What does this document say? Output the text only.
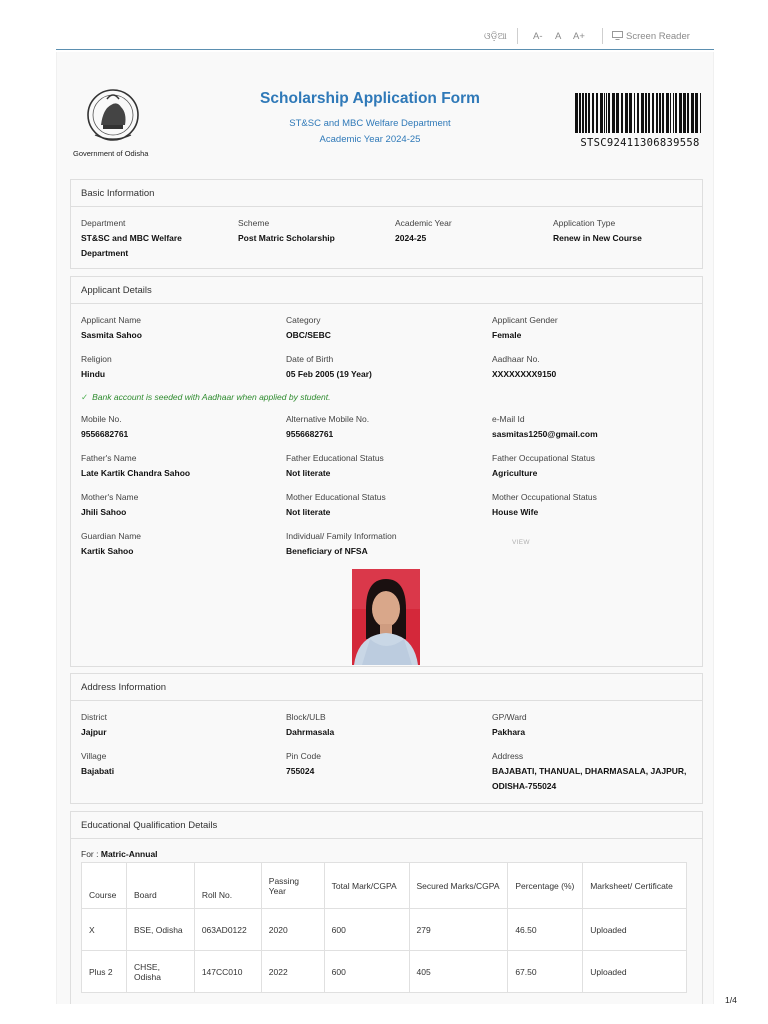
ଓଡ଼ିଆ	A- A A+	Screen Reader
Government of Odisha
Scholarship Application Form
ST&SC and MBC Welfare Department
Academic Year 2024-25	STSC92411306839558
Basic Information
Department
ST&SC and MBC Welfare Department
Scheme
Post Matric Scholarship
Academic Year
2024-25
Application Type
Renew in New Course
Applicant Details
Applicant Name
Sasmita Sahoo
Category
OBC/SEBC
Applicant Gender
Female
Religion
Hindu
Date of Birth
05 Feb 2005 (19 Year)
Aadhaar No.
XXXXXXXX9150
✓ Bank account is seeded with Aadhaar when applied by student.
Mobile No.
9556682761
Alternative Mobile No.
9556682761
e-Mail Id
sasmitas1250@gmail.com
Father's Name
Late Kartik Chandra Sahoo
Father Educational Status
Not literate
Father Occupational Status
Agriculture
Mother's Name
Jhili Sahoo
Mother Educational Status
Not literate
Mother Occupational Status
House Wife
Guardian Name
Kartik Sahoo
Individual/ Family Information
Beneficiary of NFSA
VIEW
Address Information
District
Jajpur
Block/ULB
Dahrmasala
GP/Ward
Pakhara
Village
Bajabati
Pin Code
755024
Address
BAJABATI, THANUAL, DHARMASALA, JAJPUR, ODISHA-755024
Educational Qualification Details
For : Matric-Annual
Course	Board	Roll No.	Passing Year	Total Mark/CGPA	Secured Marks/CGPA	Percentage (%)	Marksheet/ Certificate
X	BSE, Odisha	063AD0122	2020	600	279	46.50	Uploaded
Plus 2	CHSE, Odisha	147CC010	2022	600	405	67.50	Uploaded
1/4
